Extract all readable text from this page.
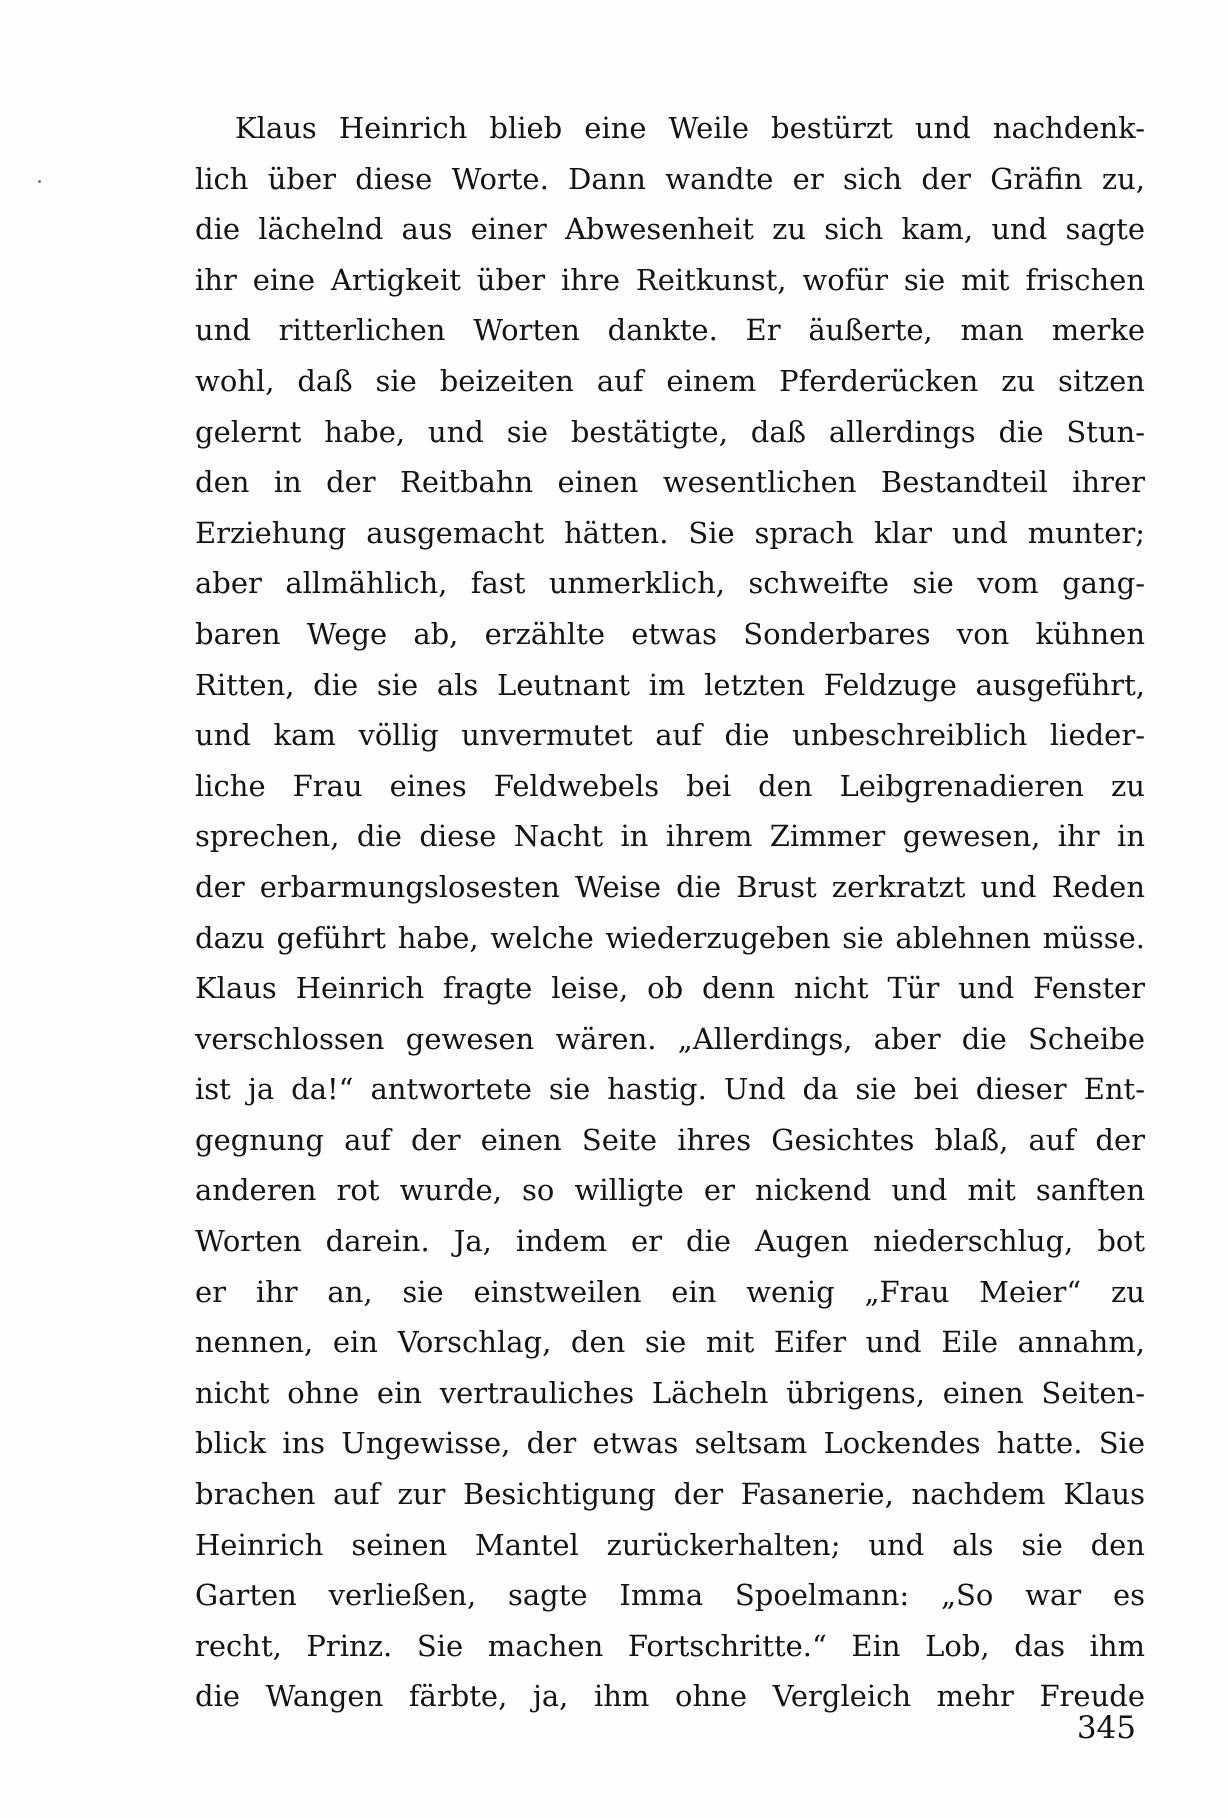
Klaus Heinrich blieb eine Weile bestürzt und nachdenk-
lich über diese Worte. Dann wandte er sich der Gräfin zu,
die lächelnd aus einer Abwesenheit zu sich kam, und sagte
ihr eine Artigkeit über ihre Reitkunst, wofür sie mit frischen
und ritterlichen Worten dankte. Er äußerte, man merke
wohl, daß sie beizeiten auf einem Pferderücken zu sitzen
gelernt habe, und sie bestätigte, daß allerdings die Stun-
den in der Reitbahn einen wesentlichen Bestandteil ihrer
Erziehung ausgemacht hätten. Sie sprach klar und munter;
aber allmählich, fast unmerklich, schweifte sie vom gang-
baren Wege ab, erzählte etwas Sonderbares von kühnen
Ritten, die sie als Leutnant im letzten Feldzuge ausgeführt,
und kam völlig unvermutet auf die unbeschreiblich lieder-
liche Frau eines Feldwebels bei den Leibgrenadieren zu
sprechen, die diese Nacht in ihrem Zimmer gewesen, ihr in
der erbarmungslosesten Weise die Brust zerkratzt und Reden
dazu geführt habe, welche wiederzugeben sie ablehnen müsse.
Klaus Heinrich fragte leise, ob denn nicht Tür und Fenster
verschlossen gewesen wären. „Allerdings, aber die Scheibe
ist ja da!“ antwortete sie hastig. Und da sie bei dieser Ent-
gegnung auf der einen Seite ihres Gesichtes blaß, auf der
anderen rot wurde, so willigte er nickend und mit sanften
Worten darein. Ja, indem er die Augen niederschlug, bot
er ihr an, sie einstweilen ein wenig „Frau Meier“ zu
nennen, ein Vorschlag, den sie mit Eifer und Eile annahm,
nicht ohne ein vertrauliches Lächeln übrigens, einen Seiten-
blick ins Ungewisse, der etwas seltsam Lockendes hatte. Sie
brachen auf zur Besichtigung der Fasanerie, nachdem Klaus
Heinrich seinen Mantel zurückerhalten; und als sie den
Garten verließen, sagte Imma Spoelmann: „So war es
recht, Prinz. Sie machen Fortschritte.“ Ein Lob, das ihm
die Wangen färbte, ja, ihm ohne Vergleich mehr Freude
345
